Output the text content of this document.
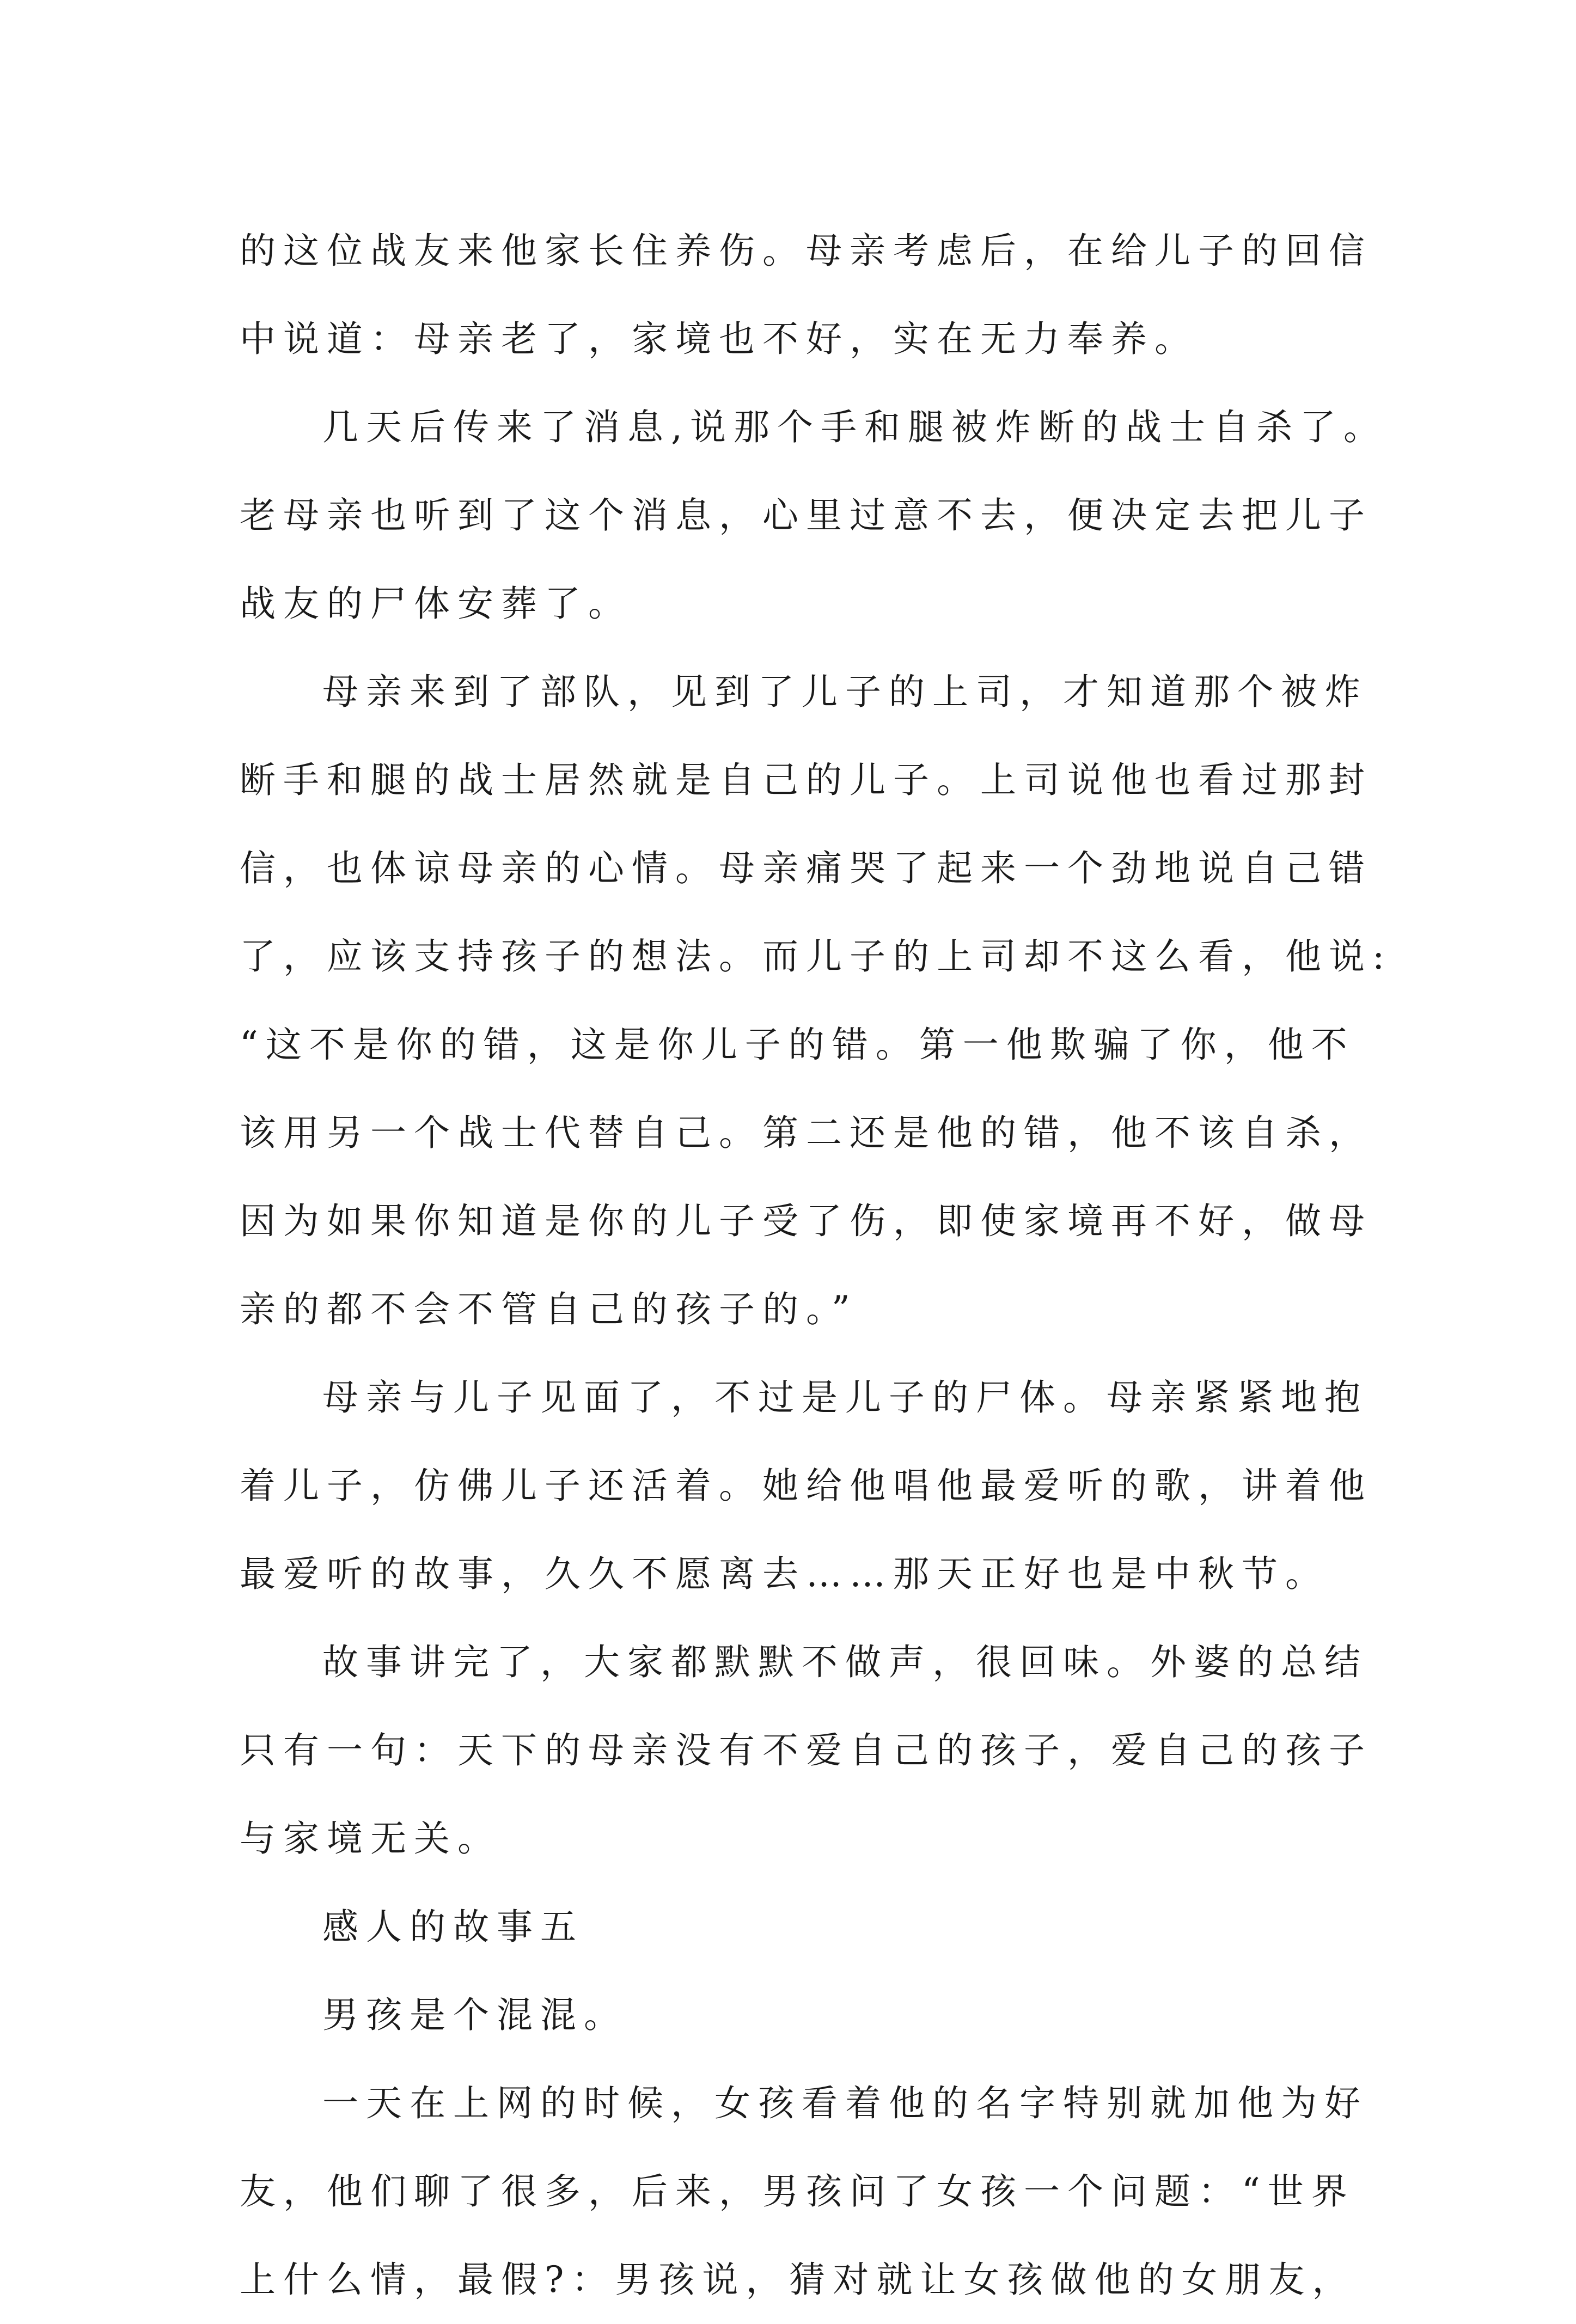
的这位战友来他家长住养伤。母亲考虑后，在给儿子的回信
中说道：母亲老了，家境也不好，实在无力奉养。
几天后传来了消息,说那个手和腿被炸断的战士自杀了。
老母亲也听到了这个消息，心里过意不去，便决定去把儿子
战友的尸体安葬了。
母亲来到了部队，见到了儿子的上司，才知道那个被炸
断手和腿的战士居然就是自己的儿子。上司说他也看过那封
信，也体谅母亲的心情。母亲痛哭了起来一个劲地说自己错
了，应该支持孩子的想法。而儿子的上司却不这么看，他说:
“这不是你的错，这是你儿子的错。第一他欺骗了你，他不
该用另一个战士代替自己。第二还是他的错，他不该自杀，
因为如果你知道是你的儿子受了伤，即使家境再不好，做母
亲的都不会不管自己的孩子的。”
母亲与儿子见面了，不过是儿子的尸体。母亲紧紧地抱
着儿子，仿佛儿子还活着。她给他唱他最爱听的歌，讲着他
最爱听的故事，久久不愿离去……那天正好也是中秋节。
故事讲完了，大家都默默不做声，很回味。外婆的总结
只有一句：天下的母亲没有不爱自己的孩子，爱自己的孩子
与家境无关。
感人的故事五
男孩是个混混。
一天在上网的时候，女孩看着他的名字特别就加他为好
友，他们聊了很多，后来，男孩问了女孩一个问题：“世界
上什么情，最假?：男孩说，猜对就让女孩做他的女朋友，
